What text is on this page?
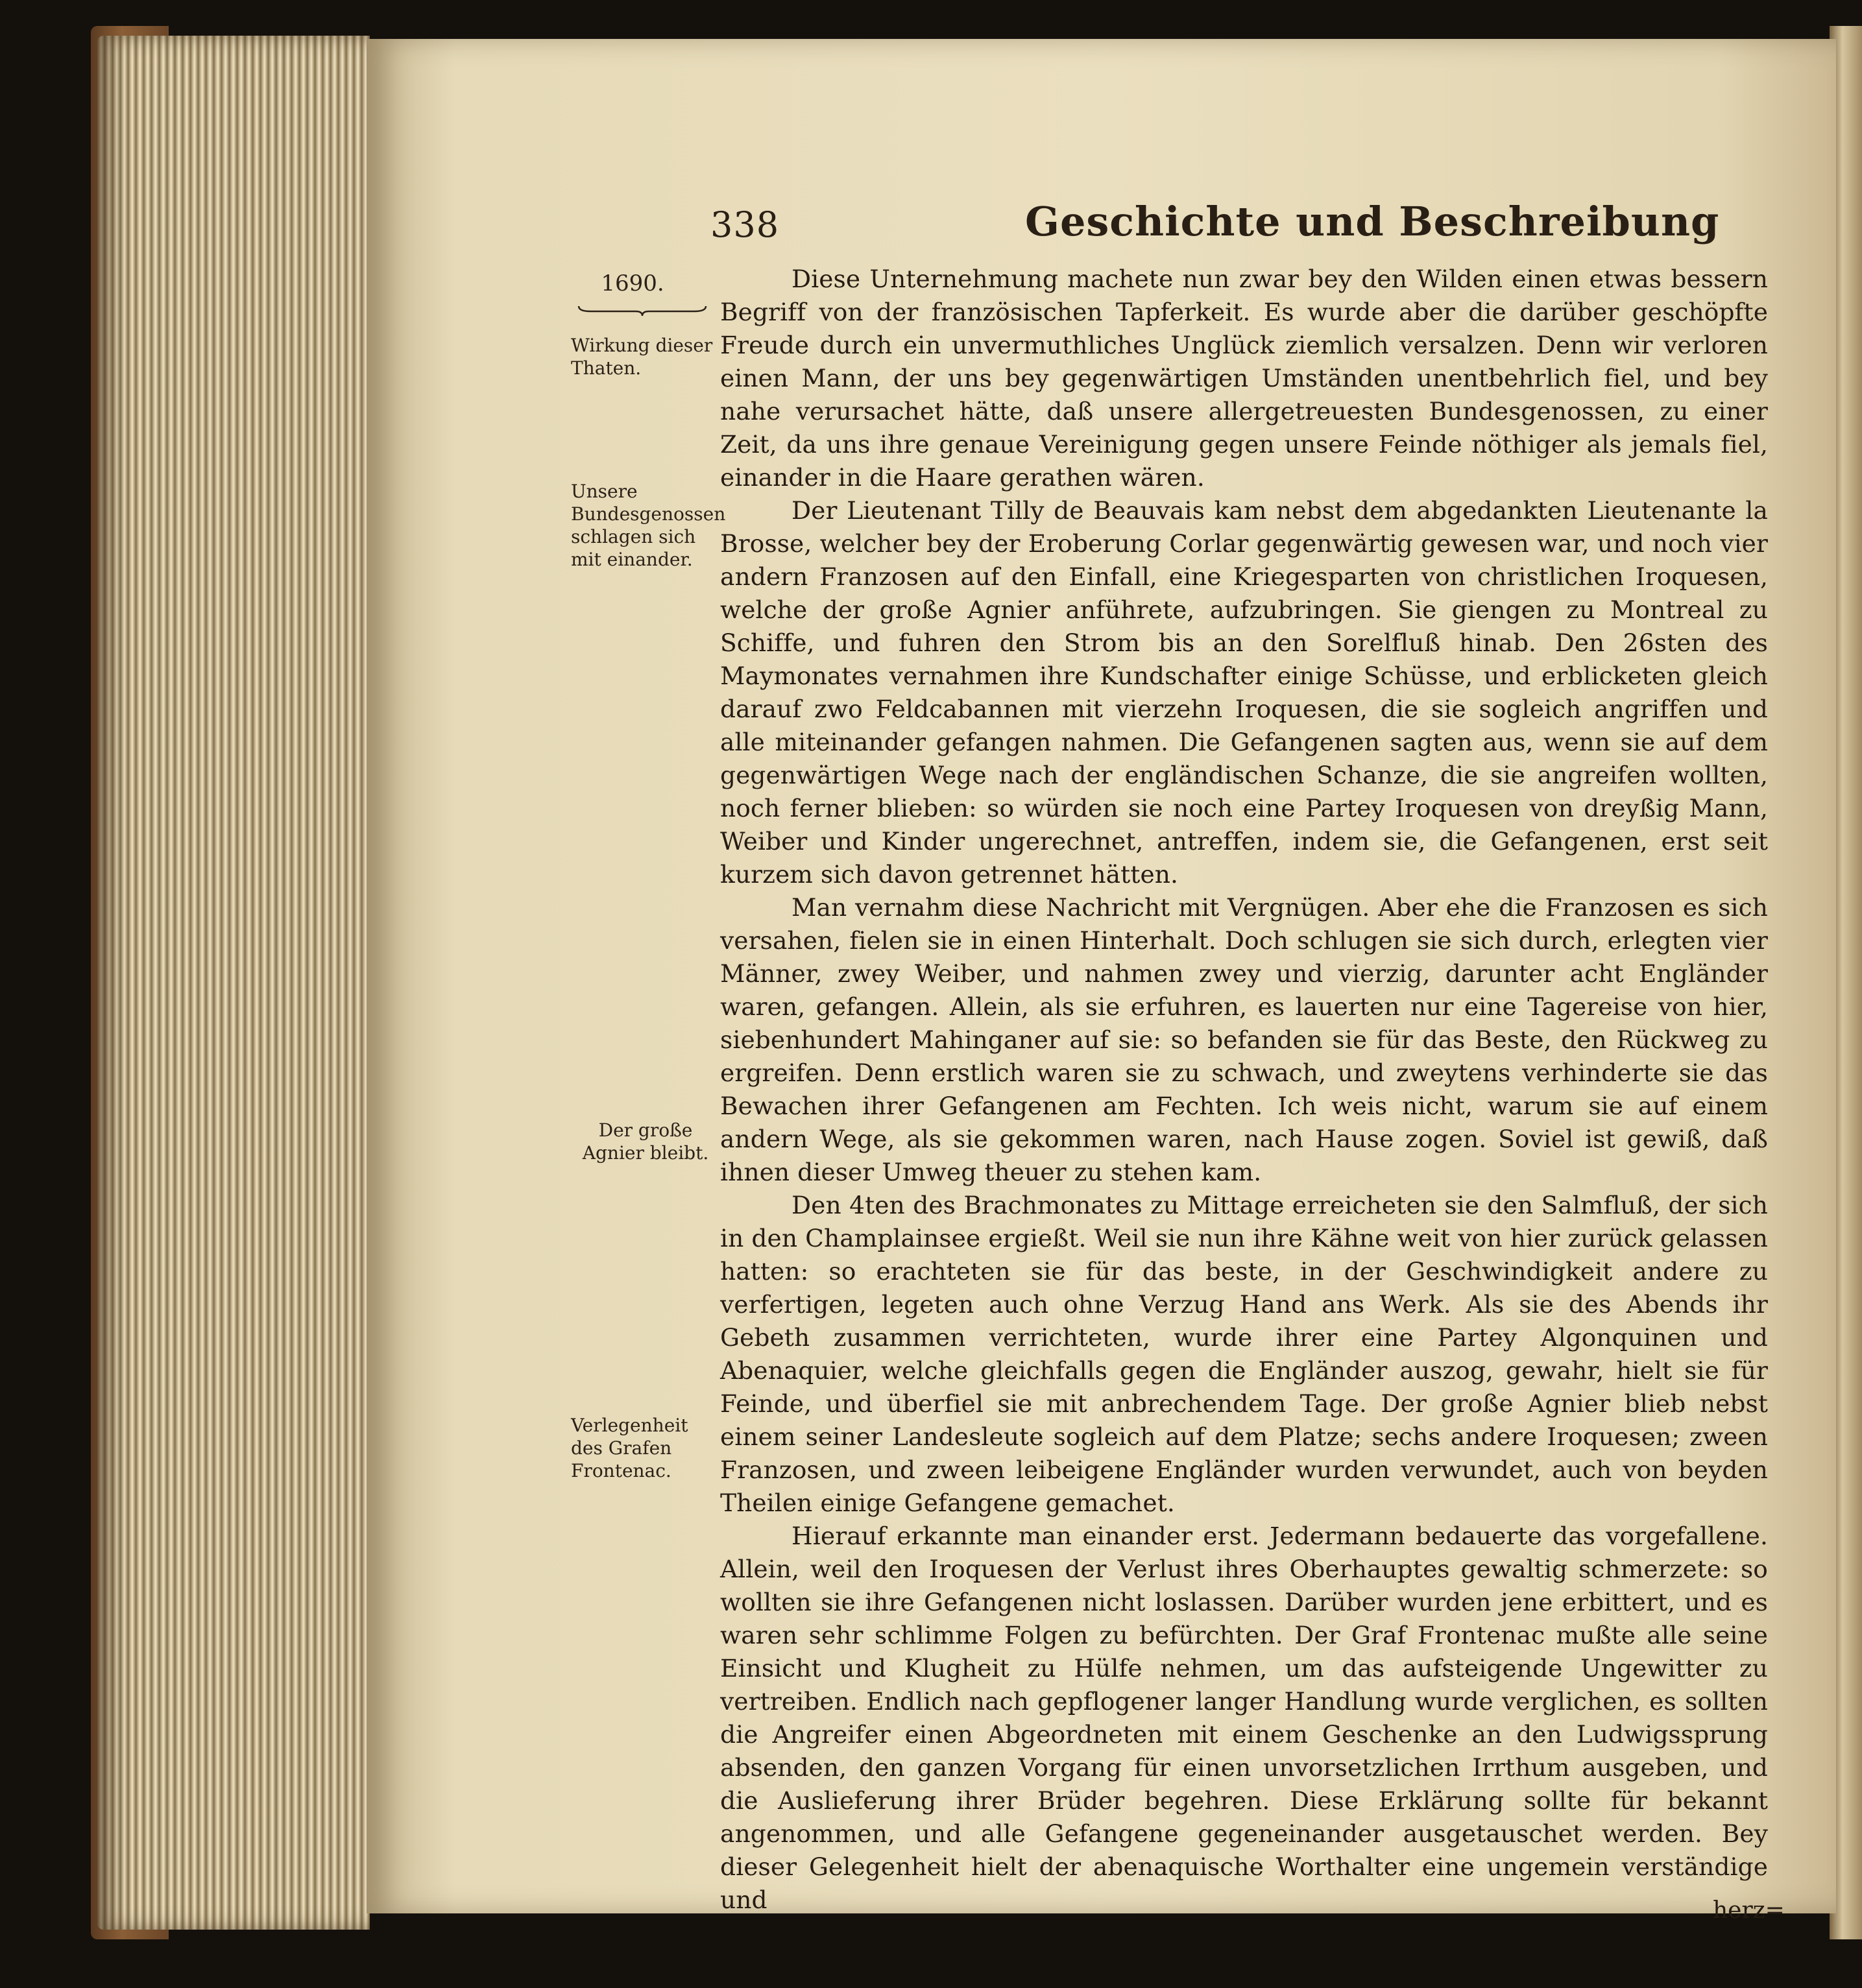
338	Geschichte und Beschreibung
1690.
Wirkung dieser Thaten.
Unsere Bundesgenossen schlagen sich mit einander.
Der große Agnier bleibt.
Verlegenheit des Grafen Frontenac.

Diese Unternehmung machete nun zwar bey den Wilden einen etwas bessern Begriff von der französischen Tapferkeit. Es wurde aber die darüber geschöpfte Freude durch ein unvermuthliches Unglück ziemlich versalzen. Denn wir verloren einen Mann, der uns bey gegenwärtigen Umständen unentbehrlich fiel, und bey nahe verursachet hätte, daß unsere allergetreuesten Bundesgenossen, zu einer Zeit, da uns ihre genaue Vereinigung gegen unsere Feinde nöthiger als jemals fiel, einander in die Haare gerathen wären.

Der Lieutenant Tilly de Beauvais kam nebst dem abgedankten Lieutenante la Brosse, welcher bey der Eroberung Corlar gegenwärtig gewesen war, und noch vier andern Franzosen auf den Einfall, eine Kriegesparten von christlichen Iroquesen, welche der große Agnier anführete, aufzubringen. Sie giengen zu Montreal zu Schiffe, und fuhren den Strom bis an den Sorelfluß hinab. Den 26sten des Maymonates vernahmen ihre Kundschafter einige Schüsse, und erblicketen gleich darauf zwo Feldcabannen mit vierzehn Iroquesen, die sie sogleich angriffen und alle miteinander gefangen nahmen. Die Gefangenen sagten aus, wenn sie auf dem gegenwärtigen Wege nach der engländischen Schanze, die sie angreifen wollten, noch ferner blieben: so würden sie noch eine Partey Iroquesen von dreyßig Mann, Weiber und Kinder ungerechnet, antreffen, indem sie, die Gefangenen, erst seit kurzem sich davon getrennet hätten.

Man vernahm diese Nachricht mit Vergnügen. Aber ehe die Franzosen es sich versahen, fielen sie in einen Hinterhalt. Doch schlugen sie sich durch, erlegten vier Männer, zwey Weiber, und nahmen zwey und vierzig, darunter acht Engländer waren, gefangen. Allein, als sie erfuhren, es lauerten nur eine Tagereise von hier, siebenhundert Mahinganer auf sie: so befanden sie für das Beste, den Rückweg zu ergreifen. Denn erstlich waren sie zu schwach, und zweytens verhinderte sie das Bewachen ihrer Gefangenen am Fechten. Ich weis nicht, warum sie auf einem andern Wege, als sie gekommen waren, nach Hause zogen. Soviel ist gewiß, daß ihnen dieser Umweg theuer zu stehen kam.

Den 4ten des Brachmonates zu Mittage erreicheten sie den Salmfluß, der sich in den Champlainsee ergießt. Weil sie nun ihre Kähne weit von hier zurück gelassen hatten: so erachteten sie für das beste, in der Geschwindigkeit andere zu verfertigen, legeten auch ohne Verzug Hand ans Werk. Als sie des Abends ihr Gebeth zusammen verrichteten, wurde ihrer eine Partey Algonquinen und Abenaquier, welche gleichfalls gegen die Engländer auszog, gewahr, hielt sie für Feinde, und überfiel sie mit anbrechendem Tage. Der große Agnier blieb nebst einem seiner Landesleute sogleich auf dem Platze; sechs andere Iroquesen; zween Franzosen, und zween leibeigene Engländer wurden verwundet, auch von beyden Theilen einige Gefangene gemachet.

Hierauf erkannte man einander erst. Jedermann bedauerte das vorgefallene. Allein, weil den Iroquesen der Verlust ihres Oberhauptes gewaltig schmerzete: so wollten sie ihre Gefangenen nicht loslassen. Darüber wurden jene erbittert, und es waren sehr schlimme Folgen zu befürchten. Der Graf Frontenac mußte alle seine Einsicht und Klugheit zu Hülfe nehmen, um das aufsteigende Ungewitter zu vertreiben. Endlich nach gepflogener langer Handlung wurde verglichen, es sollten die Angreifer einen Abgeordneten mit einem Geschenke an den Ludwigssprung absenden, den ganzen Vorgang für einen unvorsetzlichen Irrthum ausgeben, und die Auslieferung ihrer Brüder begehren. Diese Erklärung sollte für bekannt angenommen, und alle Gefangene gegeneinander ausgetauschet werden. Bey dieser Gelegenheit hielt der abenaquische Worthalter eine ungemein verständige und	herz=
